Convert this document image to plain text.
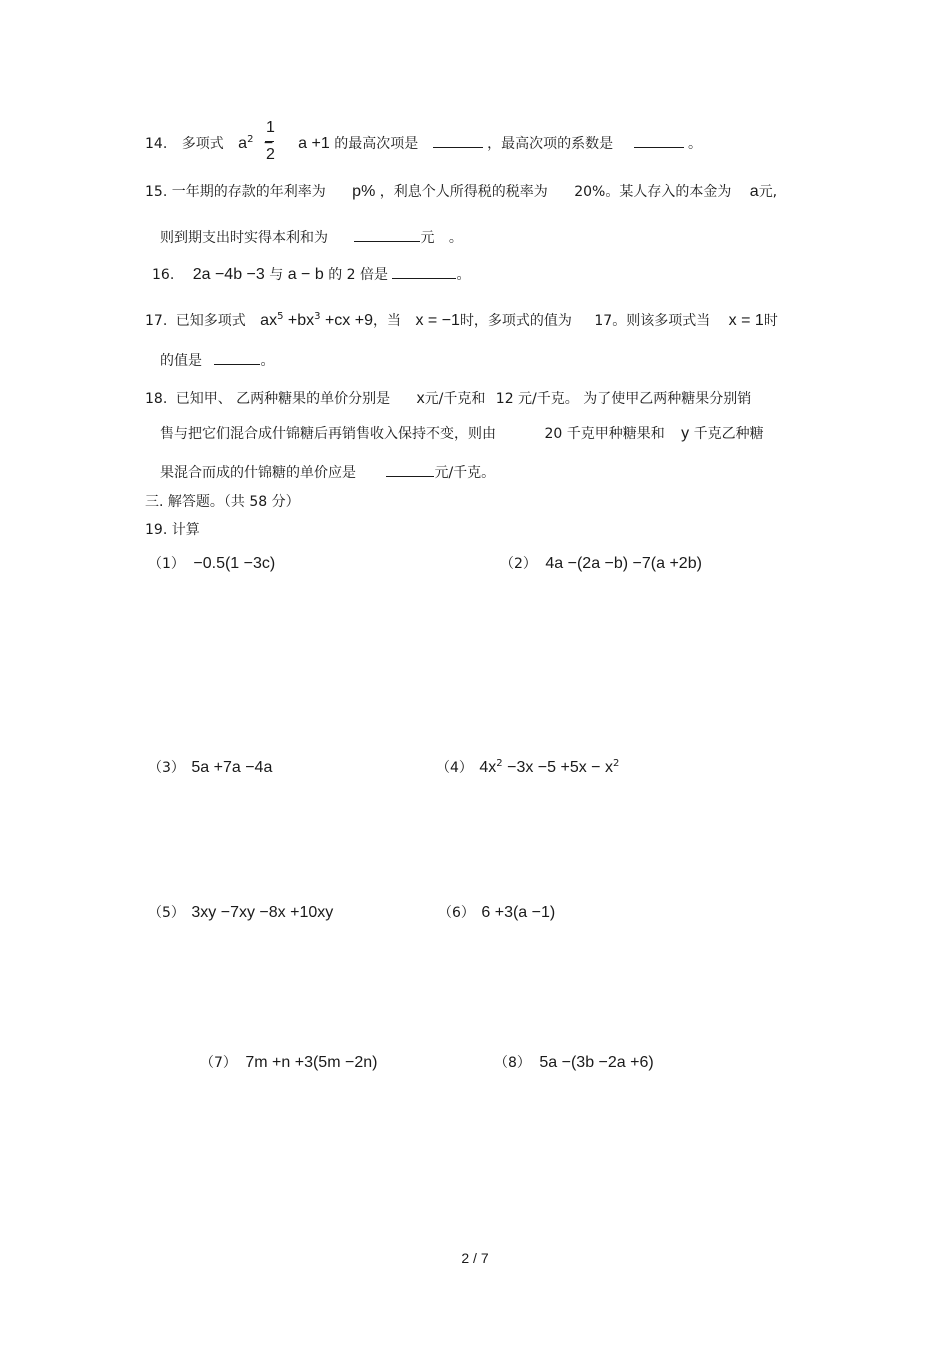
14. 多项式 $a^2 - a +1$ 的最高次项是	，最高次项的系数是	。
1
2
15. 一年期的存款的年利率为 p% ，利息个人所得税的税率为 20%。某人存入的本金为 a元,
则到期支出时实得本利和为	元 。
16. 2a −4b −3 与 a − b 的 2 倍是	。
17. 已知多项式 $ax^5 +bx^3 +cx +9$，当 x = −1时，多项式的值为 17。则该多项式当 x = 1时
的值是	。
18. 已知甲、 乙两种糖果的单价分别是 x元/千克和 12 元/千克。 为了使甲乙两种糖果分别销
售与把它们混合成什锦糖后再销售收入保持不变，则由	20 千克甲种糖果和 y 千克乙种糖
果混合而成的什锦糖的单价应是	元/千克。
三. 解答题。（共 58 分）
19. 计算
（1） −0.5(1 −3c)	（2） 4a −(2a −b) −7(a +2b)
（3） 5a +7a −4a	（4） $4x^2 -3x -5 +5x - x^2$
（5） 3xy −7xy −8x +10xy	（6） 6 +3(a −1)
（7） 7m +n +3(5m −2n)	（8） 5a −(3b −2a +6)
2 / 7
